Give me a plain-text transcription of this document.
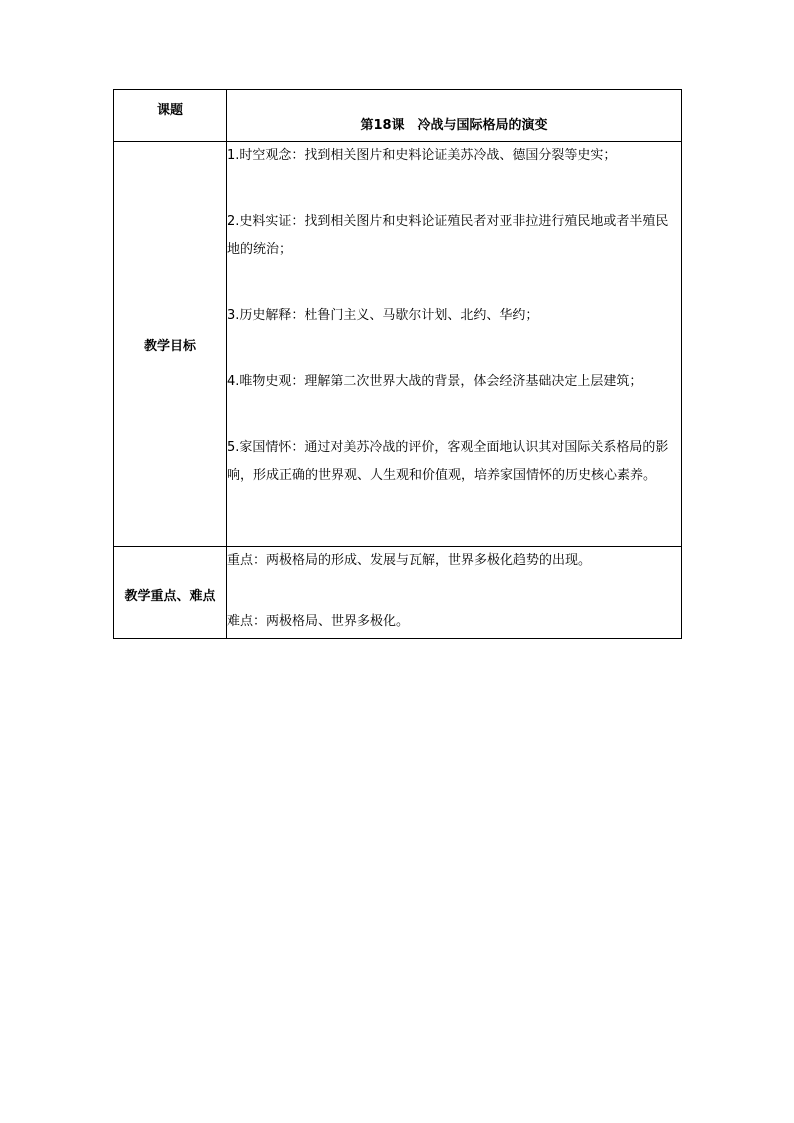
课题	第18课　冷战与国际格局的演变
教学目标	1.时空观念：找到相关图片和史料论证美苏冷战、德国分裂等史实；

2.史料实证：找到相关图片和史料论证殖民者对亚非拉进行殖民地或者半殖民地的统治；

3.历史解释：杜鲁门主义、马歇尔计划、北约、华约；

4.唯物史观：理解第二次世界大战的背景，体会经济基础决定上层建筑；

5.家国情怀：通过对美苏冷战的评价，客观全面地认识其对国际关系格局的影响，形成正确的世界观、人生观和价值观，培养家国情怀的历史核心素养。

教学重点、难点	重点：两极格局的形成、发展与瓦解，世界多极化趋势的出现。

难点：两极格局、世界多极化。
